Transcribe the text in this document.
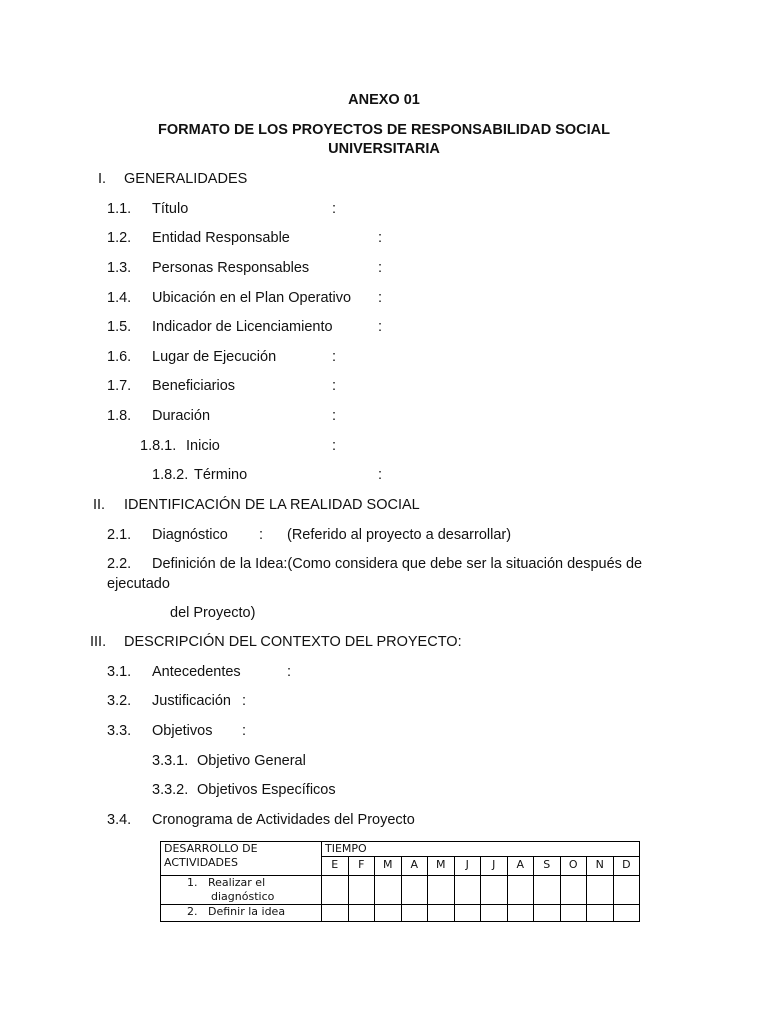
ANEXO 01
FORMATO DE LOS PROYECTOS DE RESPONSABILIDAD SOCIAL
UNIVERSITARIA
I. GENERALIDADES
1.1. Título	:
1.2. Entidad Responsable	:
1.3. Personas Responsables	:
1.4. Ubicación en el Plan Operativo :
1.5. Indicador de Licenciamiento	:
1.6. Lugar de Ejecución	:
1.7. Beneficiarios	:
1.8. Duración	:
1.8.1. Inicio	:
1.8.2. Término	:
II. IDENTIFICACIÓN DE LA REALIDAD SOCIAL
2.1. Diagnóstico : (Referido al proyecto a desarrollar)
2.2. Definición de la Idea:(Como considera que debe ser la situación después de
ejecutado
del Proyecto)
III. DESCRIPCIÓN DEL CONTEXTO DEL PROYECTO:
3.1. Antecedentes	:
3.2. Justificación :
3.3. Objetivos :
3.3.1. Objetivo General
3.3.2. Objetivos Específicos
3.4. Cronograma de Actividades del Proyecto
DESARROLLO DE
ACTIVIDADES	TIEMPO											
	E	F	M	A	M	J	J	A	S	O	N	D

1. Realizar el
diagnóstico												

2. Definir la idea												
